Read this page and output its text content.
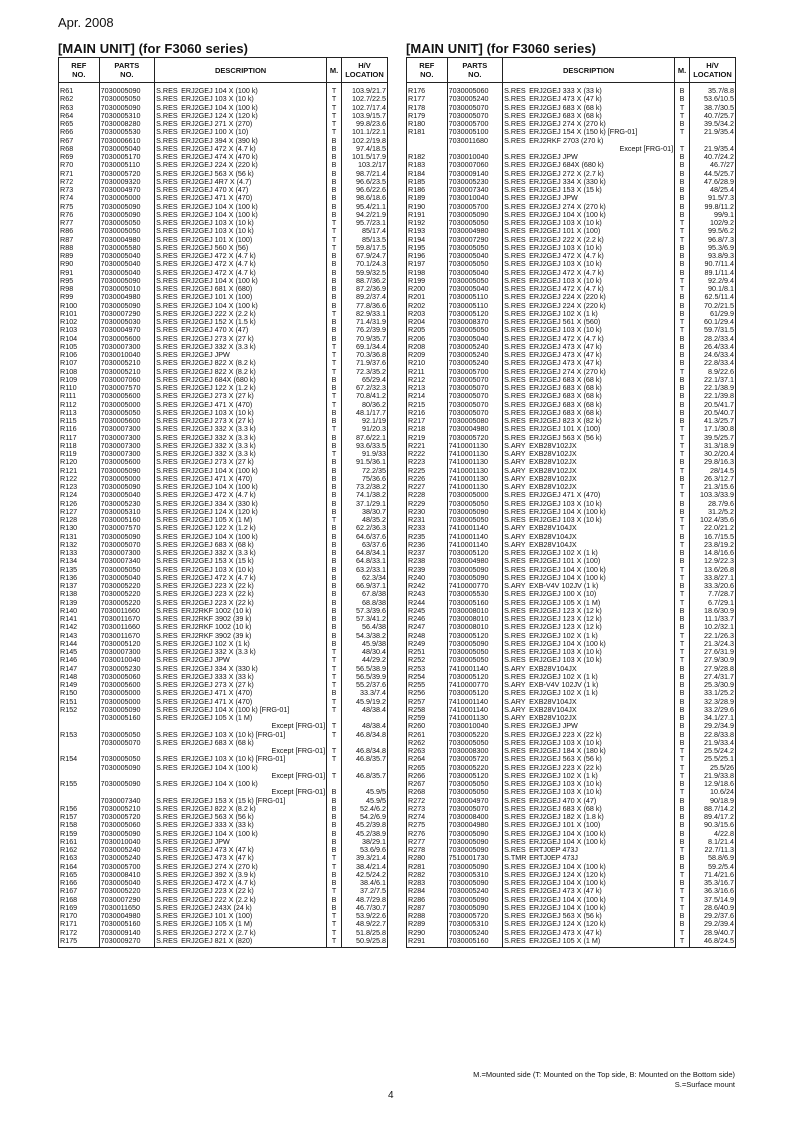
Apr. 2008
[MAIN UNIT] (for F3060 series)	[MAIN UNIT] (for F3060 series)
REF
NO.	PARTS
NO.	DESCRIPTION	M.	H/V
LOCATION
R61	7030005090	S.RES ERJ2GEJ 104 X (100 k)	T	103.9/21.7
R62	7030005050	S.RES ERJ2GEJ 103 X (10 k)	T	102.7/22.5
R63	7030005090	S.RES ERJ2GEJ 104 X (100 k)	T	102.7/17.4
R64	7030005310	S.RES ERJ2GEJ 124 X (120 k)	T	103.9/15.7
R65	7030008280	S.RES ERJ2GEJ 271 X (270)	T	99.8/23.6
R66	7030005530	S.RES ERJ2GEJ 100 X (10)	T	101.1/22.1
R67	7030006610	S.RES ERJ2GEJ 394 X (390 k)	B	102.2/19.8
R68	7030005040	S.RES ERJ2GEJ 472 X (4.7 k)	B	97.4/18.5
R69	7030005170	S.RES ERJ2GEJ 474 X (470 k)	B	101.5/17.9
R70	7030005110	S.RES ERJ2GEJ 224 X (220 k)	B	103.2/17
R71	7030005720	S.RES ERJ2GEJ 563 X (56 k)	B	98.7/21.4
R72	7030009320	S.RES ERJ2GEJ 4R7 X (4.7)	B	96.6/23.5
R73	7030004970	S.RES ERJ2GEJ 470 X (47)	B	96.6/22.6
R74	7030005000	S.RES ERJ2GEJ 471 X (470)	B	98.6/18.6
R75	7030005090	S.RES ERJ2GEJ 104 X (100 k)	B	95.4/21.1
R76	7030005090	S.RES ERJ2GEJ 104 X (100 k)	B	94.2/21.9
R77	7030005050	S.RES ERJ2GEJ 103 X (10 k)	T	95.7/23.1
R86	7030005050	S.RES ERJ2GEJ 103 X (10 k)	T	85/17.4
R87	7030004980	S.RES ERJ2GEJ 101 X (100)	T	85/13.5
R88	7030005580	S.RES ERJ2GEJ 560 X (56)	T	59.8/17.5
R89	7030005040	S.RES ERJ2GEJ 472 X (4.7 k)	B	67.9/24.7
R90	7030005040	S.RES ERJ2GEJ 472 X (4.7 k)	B	70.1/24.3
R91	7030005040	S.RES ERJ2GEJ 472 X (4.7 k)	B	59.9/32.5
R95	7030005090	S.RES ERJ2GEJ 104 X (100 k)	B	88.7/36.2
R98	7030005010	S.RES ERJ2GEJ 681 X (680)	B	87.2/36.9
R99	7030004980	S.RES ERJ2GEJ 101 X (100)	B	89.2/37.4
R100	7030005090	S.RES ERJ2GEJ 104 X (100 k)	B	77.8/36.6
R101	7030007290	S.RES ERJ2GEJ 222 X (2.2 k)	T	82.9/33.1
R102	7030005030	S.RES ERJ2GEJ 152 X (1.5 k)	B	71.4/31.9
R103	7030004970	S.RES ERJ2GEJ 470 X (47)	B	76.2/39.9
R104	7030005600	S.RES ERJ2GEJ 273 X (27 k)	B	70.9/35.7
R105	7030007300	S.RES ERJ2GEJ 332 X (3.3 k)	T	69.1/34.4
R106	7030010040	S.RES ERJ2GEJ JPW	T	70.3/36.8
R107	7030005210	S.RES ERJ2GEJ 822 X (8.2 k)	T	71.9/37.6
R108	7030005210	S.RES ERJ2GEJ 822 X (8.2 k)	T	72.3/35.2
R109	7030007060	S.RES ERJ2GEJ 684X (680 k)	B	65/29.4
R110	7030007570	S.RES ERJ2GEJ 122 X (1.2 k)	B	67.2/32.3
R111	7030005600	S.RES ERJ2GEJ 273 X (27 k)	T	70.8/41.2
R112	7030005000	S.RES ERJ2GEJ 471 X (470)	T	80/36.2
R113	7030005050	S.RES ERJ2GEJ 103 X (10 k)	B	48.1/17.7
R115	7030005600	S.RES ERJ2GEJ 273 X (27 k)	B	92.1/19
R116	7030007300	S.RES ERJ2GEJ 332 X (3.3 k)	T	91/20.3
R117	7030007300	S.RES ERJ2GEJ 332 X (3.3 k)	B	87.6/22.1
R118	7030007300	S.RES ERJ2GEJ 332 X (3.3 k)	B	93.6/33.5
R119	7030007300	S.RES ERJ2GEJ 332 X (3.3 k)	T	91.9/33
R120	7030005600	S.RES ERJ2GEJ 273 X (27 k)	B	91.5/36.1
R121	7030005090	S.RES ERJ2GEJ 104 X (100 k)	B	72.2/35
R122	7030005000	S.RES ERJ2GEJ 471 X (470)	B	75/36.6
R123	7030005090	S.RES ERJ2GEJ 104 X (100 k)	B	73.2/38.2
R124	7030005040	S.RES ERJ2GEJ 472 X (4.7 k)	B	74.1/38.2
R126	7030005230	S.RES ERJ2GEJ 334 X (330 k)	B	37.1/29.1
R127	7030005310	S.RES ERJ2GEJ 124 X (120 k)	B	38/30.7
R128	7030005160	S.RES ERJ2GEJ 105 X (1 M)	T	48/35.2
R130	7030007570	S.RES ERJ2GEJ 122 X (1.2 k)	B	62.2/36.3
R131	7030005090	S.RES ERJ2GEJ 104 X (100 k)	B	64.6/37.6
R132	7030005070	S.RES ERJ2GEJ 683 X (68 k)	B	63/37.6
R133	7030007300	S.RES ERJ2GEJ 332 X (3.3 k)	B	64.8/34.1
R134	7030007340	S.RES ERJ2GEJ 153 X (15 k)	B	64.8/33.1
R135	7030005050	S.RES ERJ2GEJ 103 X (10 k)	B	63.2/33.1
R136	7030005040	S.RES ERJ2GEJ 472 X (4.7 k)	B	62.3/34
R137	7030005220	S.RES ERJ2GEJ 223 X (22 k)	B	66.9/37.1
R138	7030005220	S.RES ERJ2GEJ 223 X (22 k)	B	67.8/38
R139	7030005220	S.RES ERJ2GEJ 223 X (22 k)	B	68.8/38
R140	7030011660	S.RES ERJ2RKF 1002 (10 k)	B	57.3/39.6
R141	7030011670	S.RES ERJ2RKF 3902 (39 k)	B	57.3/41.2
R142	7030011660	S.RES ERJ2RKF 1002 (10 k)	B	56.4/38
R143	7030011670	S.RES ERJ2RKF 3902 (39 k)	B	54.3/38.2
R144	7030005120	S.RES ERJ2GEJ 102 X (1 k)	B	45.9/38
R145	7030007300	S.RES ERJ2GEJ 332 X (3.3 k)	T	48/30.4
R146	7030010040	S.RES ERJ2GEJ JPW	T	44/29.2
R147	7030005230	S.RES ERJ2GEJ 334 X (330 k)	T	56.5/38.9
R148	7030005060	S.RES ERJ2GEJ 333 X (33 k)	T	56.5/39.9
R149	7030005600	S.RES ERJ2GEJ 273 X (27 k)	T	55.2/37.6
R150	7030005000	S.RES ERJ2GEJ 471 X (470)	B	33.3/7.4
R151	7030005000	S.RES ERJ2GEJ 471 X (470)	T	45.9/19.2
R152	7030005090	S.RES ERJ2GEJ 104 X (100 k) [FRG-01]	T	48/38.4
	7030005160	S.RES ERJ2GEJ 105 X (1 M)		

		Except [FRG-01]	T	48/38.4
R153	7030005050	S.RES ERJ2GEJ 103 X (10 k) [FRG-01]	T	46.8/34.8
	7030005070	S.RES ERJ2GEJ 683 X (68 k)		

		Except [FRG-01]	T	46.8/34.8
R154	7030005050	S.RES ERJ2GEJ 103 X (10 k) [FRG-01]	T	46.8/35.7
	7030005090	S.RES ERJ2GEJ 104 X (100 k)		

		Except [FRG-01]	T	46.8/35.7
R155	7030005090	S.RES ERJ2GEJ 104 X (100 k)		

		Except [FRG-01]	B	45.9/5
	7030007340	S.RES ERJ2GEJ 153 X (15 k) [FRG-01]	B	45.9/5
R156	7030005210	S.RES ERJ2GEJ 822 X (8.2 k)	B	52.4/6.2
R157	7030005720	S.RES ERJ2GEJ 563 X (56 k)	B	54.2/6.9
R158	7030005060	S.RES ERJ2GEJ 333 X (33 k)	B	45.2/39.8
R159	7030005090	S.RES ERJ2GEJ 104 X (100 k)	B	45.2/38.9
R161	7030010040	S.RES ERJ2GEJ JPW	B	38/29.1
R162	7030005240	S.RES ERJ2GEJ 473 X (47 k)	B	53.6/9.6
R163	7030005240	S.RES ERJ2GEJ 473 X (47 k)	T	39.3/21.4
R164	7030005700	S.RES ERJ2GEJ 274 X (270 k)	T	38.4/21.4
R165	7030008410	S.RES ERJ2GEJ 392 X (3.9 k)	B	42.5/24.2
R166	7030005040	S.RES ERJ2GEJ 472 X (4.7 k)	B	38.4/6.1
R167	7030005220	S.RES ERJ2GEJ 223 X (22 k)	T	37.2/7.5
R168	7030007290	S.RES ERJ2GEJ 222 X (2.2 k)	B	48.7/29.8
R169	7030011650	S.RES ERJ2GEJ 243X (24 k)	B	46.7/30.7
R170	7030004980	S.RES ERJ2GEJ 101 X (100)	T	53.9/22.6
R171	7030005160	S.RES ERJ2GEJ 105 X (1 M)	T	48.9/22.7
R172	7030009140	S.RES ERJ2GEJ 272 X (2.7 k)	T	51.8/25.8
R175	7030009270	S.RES ERJ2GEJ 821 X (820)	T	50.9/25.8
REF
NO.	PARTS
NO.	DESCRIPTION	M.	H/V
LOCATION
R176	7030005060	S.RES ERJ2GEJ 333 X (33 k)	B	35.7/8.8
R177	7030005240	S.RES ERJ2GEJ 473 X (47 k)	B	53.6/10.5
R178	7030005070	S.RES ERJ2GEJ 683 X (68 k)	T	38.7/30.5
R179	7030005070	S.RES ERJ2GEJ 683 X (68 k)	T	40.7/25.7
R180	7030005700	S.RES ERJ2GEJ 274 X (270 k)	B	39.5/34.2
R181	7030005100	S.RES ERJ2GEJ 154 X (150 k) [FRG-01]	T	21.9/35.4
	7030011680	S.RES ERJ2RKF 2703 (270 k)		

		Except [FRG-01]	T	21.9/35.4
R182	7030010040	S.RES ERJ2GEJ JPW	B	40.7/24.2
R183	7030007060	S.RES ERJ2GEJ 684X (680 k)	B	46.7/27
R184	7030009140	S.RES ERJ2GEJ 272 X (2.7 k)	B	44.5/25.7
R185	7030005230	S.RES ERJ2GEJ 334 X (330 k)	B	47.6/28.9
R186	7030007340	S.RES ERJ2GEJ 153 X (15 k)	B	48/25.4
R189	7030010040	S.RES ERJ2GEJ JPW	B	91.5/7.3
R190	7030005700	S.RES ERJ2GEJ 274 X (270 k)	B	99.8/11.2
R191	7030005090	S.RES ERJ2GEJ 104 X (100 k)	B	99/9.1
R192	7030005050	S.RES ERJ2GEJ 103 X (10 k)	T	102/9.2
R193	7030004980	S.RES ERJ2GEJ 101 X (100)	T	99.5/6.2
R194	7030007290	S.RES ERJ2GEJ 222 X (2.2 k)	T	96.8/7.3
R195	7030005050	S.RES ERJ2GEJ 103 X (10 k)	B	95.3/6.9
R196	7030005040	S.RES ERJ2GEJ 472 X (4.7 k)	B	93.8/9.3
R197	7030005050	S.RES ERJ2GEJ 103 X (10 k)	B	90.7/11.4
R198	7030005040	S.RES ERJ2GEJ 472 X (4.7 k)	B	89.1/11.4
R199	7030005050	S.RES ERJ2GEJ 103 X (10 k)	T	92.2/9.4
R200	7030005040	S.RES ERJ2GEJ 472 X (4.7 k)	T	90.1/8.1
R201	7030005110	S.RES ERJ2GEJ 224 X (220 k)	B	62.5/11.4
R202	7030005110	S.RES ERJ2GEJ 224 X (220 k)	B	70.2/21.5
R203	7030005120	S.RES ERJ2GEJ 102 X (1 k)	B	61/29.9
R204	7030008370	S.RES ERJ2GEJ 561 X (560)	T	60.1/29.4
R205	7030005050	S.RES ERJ2GEJ 103 X (10 k)	T	59.7/31.5
R206	7030005040	S.RES ERJ2GEJ 472 X (4.7 k)	B	28.2/33.4
R208	7030005240	S.RES ERJ2GEJ 473 X (47 k)	B	26.4/33.4
R209	7030005240	S.RES ERJ2GEJ 473 X (47 k)	B	24.6/33.4
R210	7030005240	S.RES ERJ2GEJ 473 X (47 k)	B	22.8/33.4
R211	7030005700	S.RES ERJ2GEJ 274 X (270 k)	T	8.9/22.6
R212	7030005070	S.RES ERJ2GEJ 683 X (68 k)	B	22.1/37.1
R213	7030005070	S.RES ERJ2GEJ 683 X (68 k)	B	22.1/38.9
R214	7030005070	S.RES ERJ2GEJ 683 X (68 k)	B	22.1/39.8
R215	7030005070	S.RES ERJ2GEJ 683 X (68 k)	B	20.5/41.7
R216	7030005070	S.RES ERJ2GEJ 683 X (68 k)	B	20.5/40.7
R217	7030005080	S.RES ERJ2GEJ 823 X (82 k)	B	41.3/25.7
R218	7030004980	S.RES ERJ2GEJ 101 X (100)	T	17.1/30.8
R219	7030005720	S.RES ERJ2GEJ 563 X (56 k)	T	39.5/25.7
R221	7410001130	S.ARY EXB28V102JX	T	31.3/18.9
R222	7410001130	S.ARY EXB28V102JX	T	30.2/20.4
R223	7410001130	S.ARY EXB28V102JX	B	29.8/16.3
R225	7410001130	S.ARY EXB28V102JX	T	28/14.5
R226	7410001130	S.ARY EXB28V102JX	B	26.3/12.7
R227	7410001130	S.ARY EXB28V102JX	T	21.3/15.6
R228	7030005000	S.RES ERJ2GEJ 471 X (470)	T	103.3/33.9
R229	7030005050	S.RES ERJ2GEJ 103 X (10 k)	B	28.7/9.6
R230	7030005090	S.RES ERJ2GEJ 104 X (100 k)	B	31.2/5.2
R231	7030005050	S.RES ERJ2GEJ 103 X (10 k)	T	102.4/35.6
R233	7410001140	S.ARY EXB28V104JX	T	22.0/21.2
R235	7410001140	S.ARY EXB28V104JX	B	16.7/15.5
R236	7410001140	S.ARY EXB28V104JX	T	23.8/19.2
R237	7030005120	S.RES ERJ2GEJ 102 X (1 k)	B	14.8/16.6
R238	7030004980	S.RES ERJ2GEJ 101 X (100)	B	12.9/22.3
R239	7030005090	S.RES ERJ2GEJ 104 X (100 k)	T	13.6/26.8
R240	7030005090	S.RES ERJ2GEJ 104 X (100 k)	T	33.8/27.1
R242	7410000770	S.ARY EXB-V4V 102JV (1 k)	B	33.3/20.6
R243	7030005530	S.RES ERJ2GEJ 100 X (10)	T	7.7/28.7
R244	7030005160	S.RES ERJ2GEJ 105 X (1 M)	T	6.7/29.1
R245	7030008010	S.RES ERJ2GEJ 123 X (12 k)	B	18.6/30.9
R246	7030008010	S.RES ERJ2GEJ 123 X (12 k)	B	11.1/33.7
R247	7030008010	S.RES ERJ2GEJ 123 X (12 k)	B	10.2/32.1
R248	7030005120	S.RES ERJ2GEJ 102 X (1 k)	T	22.1/26.3
R249	7030005090	S.RES ERJ2GEJ 104 X (100 k)	T	21.3/24.3
R251	7030005050	S.RES ERJ2GEJ 103 X (10 k)	T	27.6/31.9
R252	7030005050	S.RES ERJ2GEJ 103 X (10 k)	T	27.9/30.9
R253	7410001140	S.ARY EXB28V104JX	B	27.9/28.8
R254	7030005120	S.RES ERJ2GEJ 102 X (1 k)	B	27.4/31.7
R255	7410000770	S.ARY EXB-V4V 102JV (1 k)	B	25.3/30.9
R256	7030005120	S.RES ERJ2GEJ 102 X (1 k)	B	33.1/25.2
R257	7410001140	S.ARY EXB28V104JX	B	32.3/28.9
R258	7410001140	S.ARY EXB28V104JX	B	33.2/29.6
R259	7410001130	S.ARY EXB28V102JX	B	34.1/27.1
R260	7030010040	S.RES ERJ2GEJ JPW	B	29.2/34.9
R261	7030005220	S.RES ERJ2GEJ 223 X (22 k)	B	22.8/33.8
R262	7030005050	S.RES ERJ2GEJ 103 X (10 k)	B	21.9/33.4
R263	7030008300	S.RES ERJ2GEJ 184 X (180 k)	T	25.5/24.2
R264	7030005720	S.RES ERJ2GEJ 563 X (56 k)	T	25.5/25.1
R265	7030005220	S.RES ERJ2GEJ 223 X (22 k)	T	25.5/26
R266	7030005120	S.RES ERJ2GEJ 102 X (1 k)	T	21.9/33.8
R267	7030005050	S.RES ERJ2GEJ 103 X (10 k)	B	12.9/18.6
R268	7030005050	S.RES ERJ2GEJ 103 X (10 k)	T	10.6/24
R272	7030004970	S.RES ERJ2GEJ 470 X (47)	B	90/18.9
R273	7030005070	S.RES ERJ2GEJ 683 X (68 k)	B	88.7/14.2
R274	7030008400	S.RES ERJ2GEJ 182 X (1.8 k)	B	89.4/17.2
R275	7030004980	S.RES ERJ2GEJ 101 X (100)	B	90.3/15.6
R276	7030005090	S.RES ERJ2GEJ 104 X (100 k)	B	4/22.8
R277	7030005090	S.RES ERJ2GEJ 104 X (100 k)	B	8.1/21.4
R278	7030005090	S.RES ERTJ0EP 473J	T	22.7/11.3
R280	7510001730	S.TMR ERTJ0EP 473J	B	58.8/6.9
R281	7030005090	S.RES ERJ2GEJ 104 X (100 k)	B	59.2/5.4
R282	7030005310	S.RES ERJ2GEJ 124 X (120 k)	T	71.4/21.6
R283	7030005090	S.RES ERJ2GEJ 104 X (100 k)	B	35.3/16.7
R284	7030005240	S.RES ERJ2GEJ 473 X (47 k)	T	36.3/16.6
R286	7030005090	S.RES ERJ2GEJ 104 X (100 k)	T	37.5/14.9
R287	7030005090	S.RES ERJ2GEJ 104 X (100 k)	T	28.6/40.9
R288	7030005720	S.RES ERJ2GEJ 563 X (56 k)	B	29.2/37.6
R289	7030005310	S.RES ERJ2GEJ 124 X (120 k)	B	29.2/39.4
R290	7030005240	S.RES ERJ2GEJ 473 X (47 k)	T	28.9/40.7
R291	7030005160	S.RES ERJ2GEJ 105 X (1 M)	T	46.8/24.5
M.=Mounted side (T: Mounted on the Top side, B: Mounted on the Bottom side)
S.=Surface mount
4
